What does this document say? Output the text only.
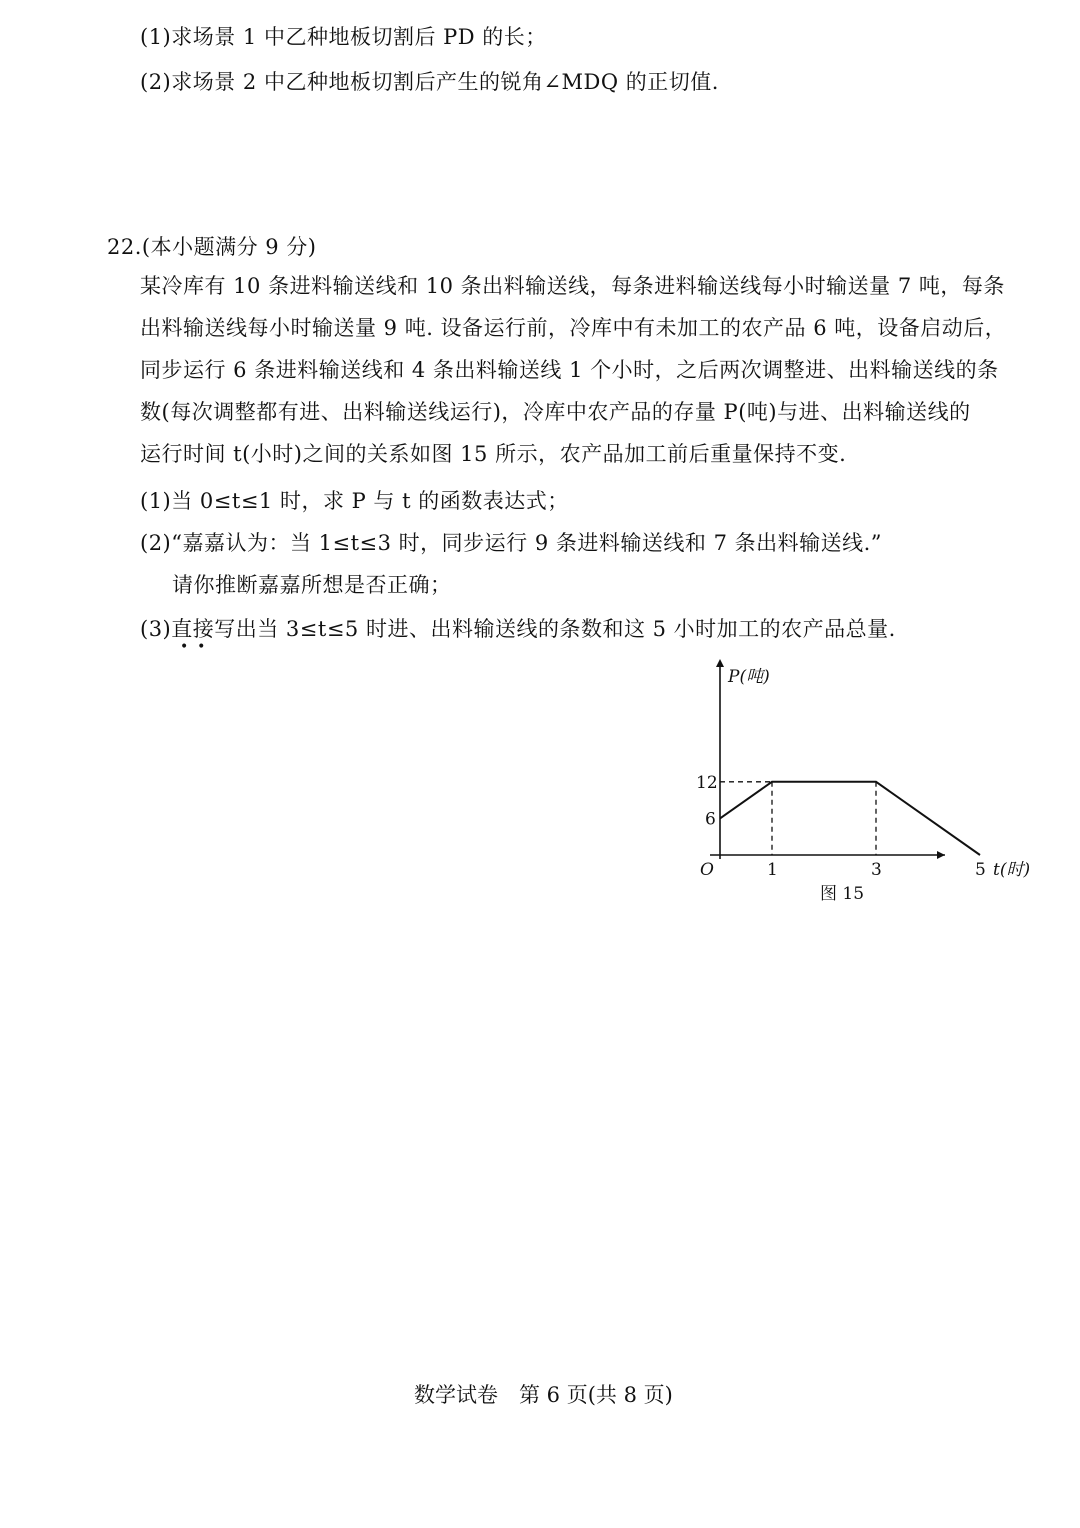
(1)求场景 1 中乙种地板切割后 PD 的长；
(2)求场景 2 中乙种地板切割后产生的锐角∠MDQ 的正切值.
22.(本小题满分 9 分)
某冷库有 10 条进料输送线和 10 条出料输送线，每条进料输送线每小时输送量 7 吨，每条
出料输送线每小时输送量 9 吨. 设备运行前，冷库中有未加工的农产品 6 吨，设备启动后，
同步运行 6 条进料输送线和 4 条出料输送线 1 个小时，之后两次调整进、出料输送线的条
数(每次调整都有进、出料输送线运行)，冷库中农产品的存量 P(吨)与进、出料输送线的
运行时间 t(小时)之间的关系如图 15 所示，农产品加工前后重量保持不变.
(1)当 0≤t≤1 时，求 P 与 t 的函数表达式；
(2)“嘉嘉认为：当 1≤t≤3 时，同步运行 9 条进料输送线和 7 条出料输送线.”
请你推断嘉嘉所想是否正确；
(3)直接写出当 3≤t≤5 时进、出料输送线的条数和这 5 小时加工的农产品总量.
•  •
P(吨)
12
6
O	1	3	5 t(时)
图 15
数学试卷　第 6 页(共 8 页)
